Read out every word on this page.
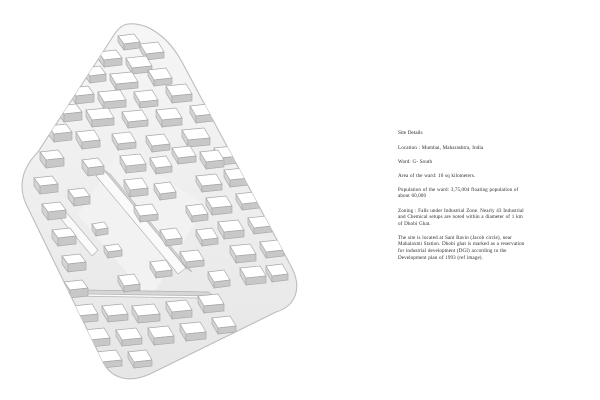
Site Details

Location : Mumbai, Maharashtra, India

Ward: G- South

Area of the ward: 10 sq kilometers.

Population of the ward: 3,75,004 floating population of about 60,000

Zoning : Falls under Industrial Zone. Nearly 43 Industrial and Chemical setups are noted within a diameter of 1 km of Dhobi Ghat.

The site is located at Sant Ravin (Jacob circle), near Mahalaxmi Station. Dhobi ghat is marked as a reservation for industrial development (DGI) according to the Development plan of 1993 (ref image).
